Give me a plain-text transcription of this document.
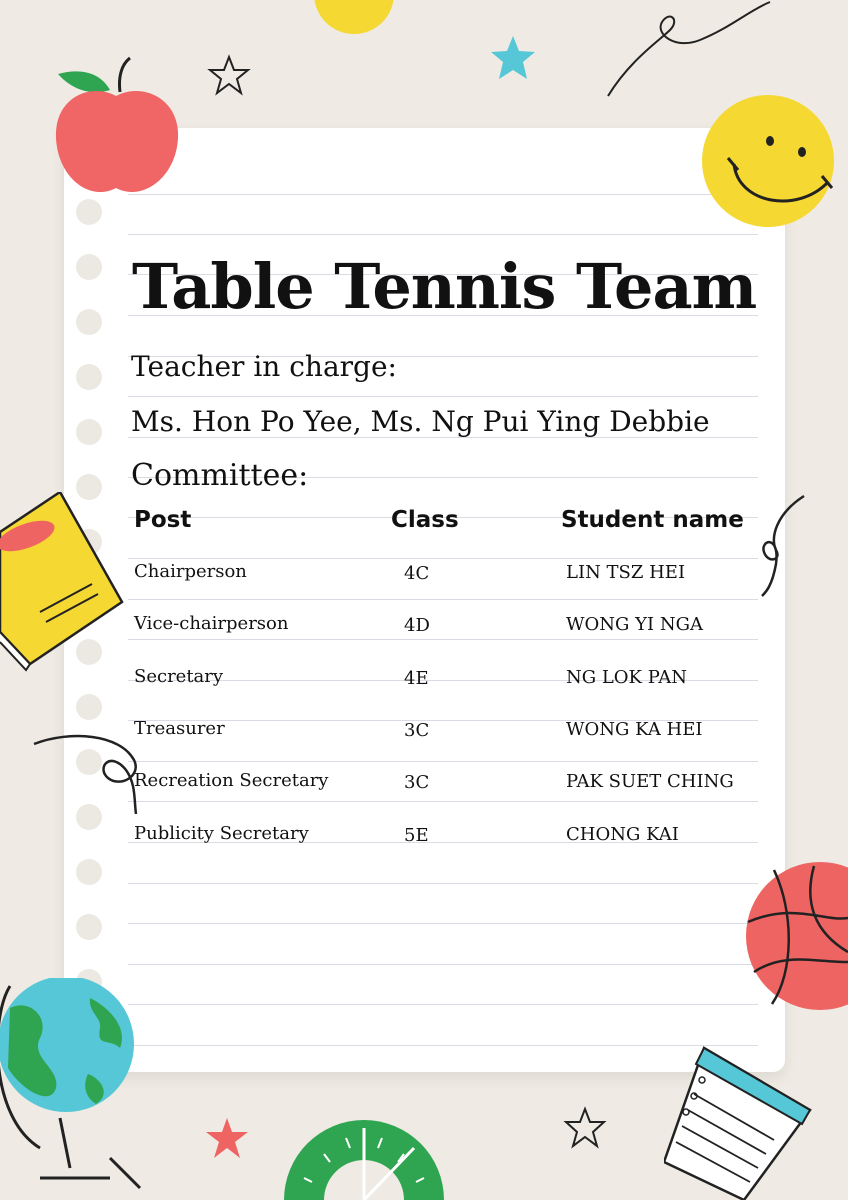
Table Tennis Team

Teacher in charge:

Ms. Hon Po Yee, Ms. Ng Pui Ying Debbie

Committee:

Post	Class	Student name

Chairperson	4C	LIN TSZ HEI

Vice-chairperson	4D	WONG YI NGA

Secretary	4E	NG LOK PAN

Treasurer	3C	WONG KA HEI

Recreation Secretary	3C	PAK SUET CHING

Publicity Secretary	5E	CHONG KAI
